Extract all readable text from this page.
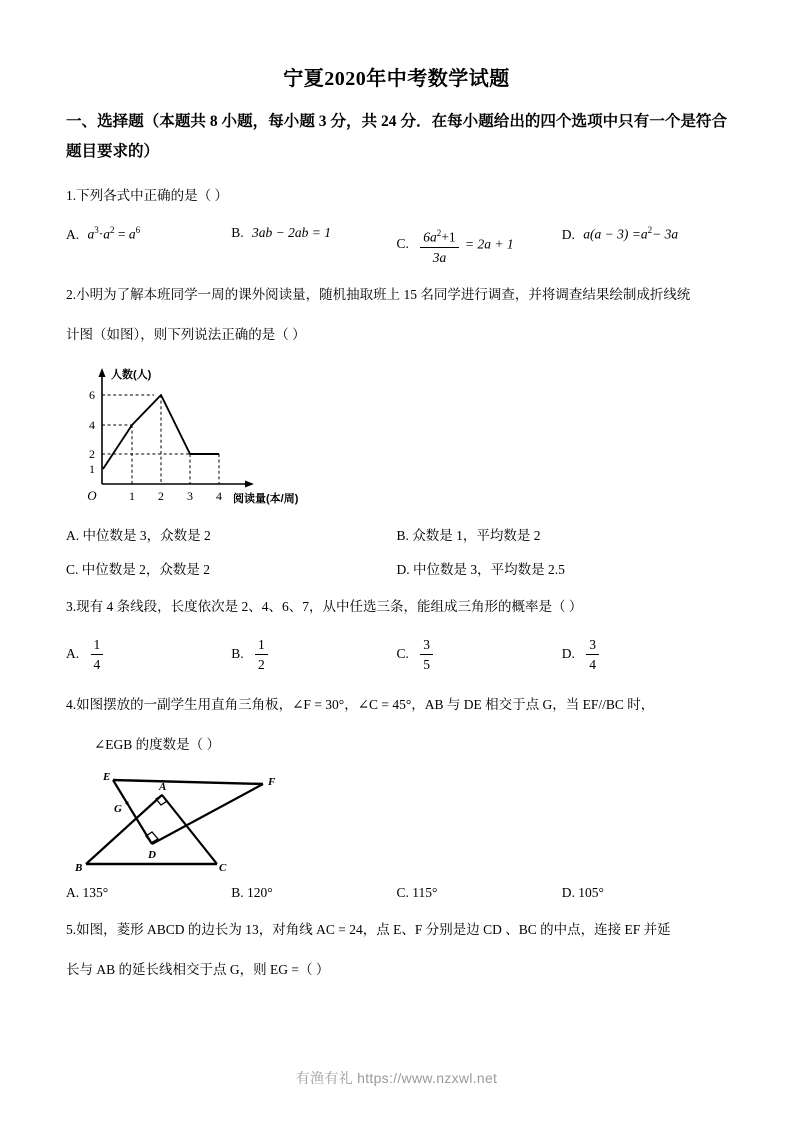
宁夏2020年中考数学试题
一、选择题（本题共 8 小题，每小题 3 分，共 24 分．在每小题给出的四个选项中只有一个是符合题目要求的）
1.下列各式中正确的是（ ）
A. $a^3\cdot a^2 = a^6$	B. 3ab − 2ab = 1
C. $\frac{6a^2+1}{3a} = 2a + 1$
D. $a(a - 3) =a^2- 3a$
2.小明为了解本班同学一周的课外阅读量，随机抽取班上 15 名同学进行调查，并将调查结果绘制成折线统
计图（如图），则下列说法正确的是（ ）
6
4
2
1
1 2 3 4
O
人数(人)
阅读量(本/周)
A. 中位数是 3，众数是 2	B. 众数是 1，平均数是 2
C. 中位数是 2，众数是 2	D. 中位数是 3，平均数是 2.5
3.现有 4 条线段，长度依次是 2、4、6、7，从中任选三条，能组成三角形的概率是（ ）
A. $\frac{1}{4}$	B. $\frac{1}{2}$	C. $\frac{3}{5}$	D. $\frac{3}{4}$
4.如图摆放的一副学生用直角三角板，∠F = 30°，∠C = 45°，AB 与 DE 相交于点 G，当 EF//BC 时，
∠EGB 的度数是（ ）
E	F
A
G
D
B	C
A. 135°	B. 120°	C. 115°	D. 105°
5.如图，菱形 ABCD 的边长为 13，对角线 AC = 24，点 E、F 分别是边 CD 、BC 的中点，连接 EF 并延
长与 AB 的延长线相交于点 G，则 EG =（ ）
有渔有礼 https://www.nzxwl.net
